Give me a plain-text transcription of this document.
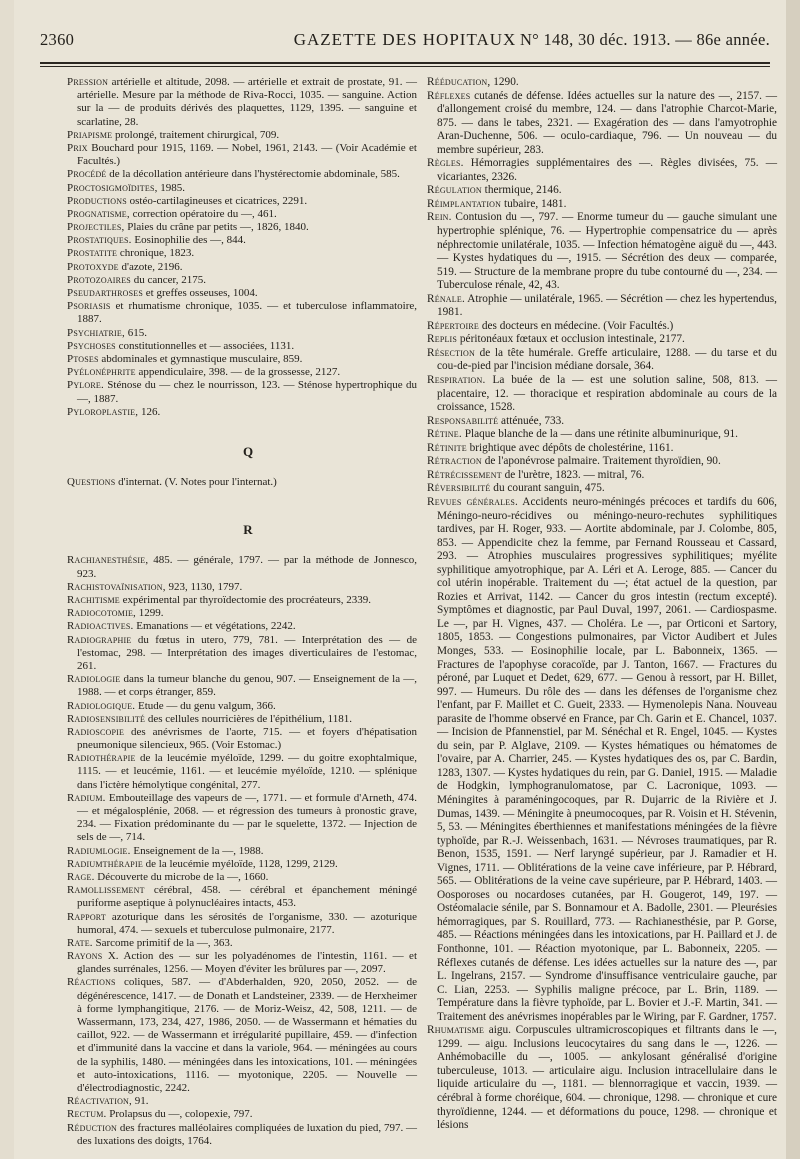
2360	GAZETTE DES HOPITAUX N° 148, 30 déc. 1913. — 86e année.

Pression artérielle et altitude, 2098. — artérielle et extrait de prostate, 91. — artérielle. Mesure par la méthode de Riva-Rocci, 1035. — sanguine. Action sur la — de produits dérivés des plaquettes, 1129, 1395. — sanguine et scarlatine, 28.

Priapisme prolongé, traitement chirurgical, 709.

Prix Bouchard pour 1915, 1169. — Nobel, 1961, 2143. — (Voir Académie et Facultés.)

Procédé de la décollation antérieure dans l'hystérectomie abdominale, 585.

Proctosigmoïdites, 1985.

Productions ostéo-cartilagineuses et cicatrices, 2291.

Prognatisme, correction opératoire du —, 461.

Projectiles, Plaies du crâne par petits —, 1826, 1840.

Prostatiques. Eosinophilie des —, 844.

Prostatite chronique, 1823.

Protoxyde d'azote, 2196.

Protozoaires du cancer, 2175.

Pseudarthroses et greffes osseuses, 1004.

Psoriasis et rhumatisme chronique, 1035. — et tuberculose inflammatoire, 1887.

Psychiatrie, 615.

Psychoses constitutionnelles et — associées, 1131.

Ptoses abdominales et gymnastique musculaire, 859.

Pyélonéphrite appendiculaire, 398. — de la grossesse, 2127.

Pylore. Sténose du — chez le nourrisson, 123. — Sténose hypertrophique du —, 1887.

Pyloroplastie, 126.

Q

Questions d'internat. (V. Notes pour l'internat.)

R

Rachianesthésie, 485. — générale, 1797. — par la méthode de Jonnesco, 923.

Rachistovaïnisation, 923, 1130, 1797.

Rachitisme expérimental par thyroïdectomie des procréateurs, 2339.

Radiocotomie, 1299.

Radioactives. Emanations — et végétations, 2242.

Radiographie du fœtus in utero, 779, 781. — Interprétation des — de l'estomac, 298. — Interprétation des images diverticulaires de l'estomac, 261.

Radiologie dans la tumeur blanche du genou, 907. — Enseignement de la —, 1988. — et corps étranger, 859.

Radiologique. Etude — du genu valgum, 366.

Radiosensibilité des cellules nourricières de l'épithélium, 1181.

Radioscopie des anévrismes de l'aorte, 715. — et foyers d'hépatisation pneumonique silencieux, 965. (Voir Estomac.)

Radiothérapie de la leucémie myéloïde, 1299. — du goitre exophtalmique, 1115. — et leucémie, 1161. — et leucémie myéloïde, 1210. — splénique dans l'ictère hémolytique congénital, 277.

Radium. Embouteillage des vapeurs de —, 1771. — et formule d'Arneth, 474. — et mégalosplénie, 2068. — et régression des tumeurs à pronostic grave, 234. — Fixation prédominante du — par le squelette, 1372. — Injection de sels de —, 714.

Radiumlogie. Enseignement de la —, 1988.

Radiumthérapie de la leucémie myéloïde, 1128, 1299, 2129.

Rage. Découverte du microbe de la —, 1660.

Ramollissement cérébral, 458. — cérébral et épanchement méningé puriforme aseptique à polynucléaires intacts, 453.

Rapport azoturique dans les sérosités de l'organisme, 330. — azoturique humoral, 474. — sexuels et tuberculose pulmonaire, 2177.

Rate. Sarcome primitif de la —, 363.

Rayons X. Action des — sur les polyadénomes de l'intestin, 1161. — et glandes surrénales, 1256. — Moyen d'éviter les brûlures par —, 2097.

Réactions coliques, 587. — d'Abderhalden, 920, 2050, 2052. — de dégénérescence, 1417. — de Donath et Landsteiner, 2339. — de Herxheimer à forme lymphangitique, 2176. — de Moriz-Weisz, 42, 508, 1211. — de Wassermann, 173, 234, 427, 1986, 2050. — de Wassermann et hématies du caillot, 922. — de Wassermann et irrégularité pupillaire, 459. — d'infection et d'immunité dans la vaccine et dans la variole, 964. — méningées au cours de la syphilis, 1480. — méningées dans les intoxications, 101. — méningées et auto-intoxications, 1116. — myotonique, 2205. — Nouvelle — d'électrodiagnostic, 2242.

Réactivation, 91.

Rectum. Prolapsus du —, colopexie, 797.

Réduction des fractures malléolaires compliquées de luxation du pied, 797. — des luxations des doigts, 1764.

Rééducation, 1290.

Réflexes cutanés de défense. Idées actuelles sur la nature des —, 2157. — d'allongement croisé du membre, 124. — dans l'atrophie Charcot-Marie, 875. — dans le tabes, 2321. — Exagération des — dans l'amyotrophie Aran-Duchenne, 506. — oculo-cardiaque, 796. — Un nouveau — du membre supérieur, 283.

Règles. Hémorragies supplémentaires des —. Règles divisées, 75. — vicariantes, 2326.

Régulation thermique, 2146.

Réimplantation tubaire, 1481.

Rein. Contusion du —, 797. — Enorme tumeur du — gauche simulant une hypertrophie splénique, 76. — Hypertrophie compensatrice du — après néphrectomie unilatérale, 1035. — Infection hématogène aiguë du —, 443. — Kystes hydatiques du —, 1915. — Sécrétion des deux — comparée, 519. — Structure de la membrane propre du tube contourné du —, 234. — Tuberculose rénale, 42, 43.

Rénale. Atrophie — unilatérale, 1965. — Sécrétion — chez les hypertendus, 1981.

Répertoire des docteurs en médecine. (Voir Facultés.)

Replis péritonéaux fœtaux et occlusion intestinale, 2177.

Résection de la tête humérale. Greffe articulaire, 1288. — du tarse et du cou-de-pied par l'incision médiane dorsale, 364.

Respiration. La buée de la — est une solution saline, 508, 813. — placentaire, 12. — thoracique et respiration abdominale au cours de la croissance, 1528.

Responsabilité atténuée, 733.

Rétine. Plaque blanche de la — dans une rétinite albuminurique, 91.

Rétinite brightique avec dépôts de cholestérine, 1161.

Rétraction de l'aponévrose palmaire. Traitement thyroïdien, 90.

Rétrécissement de l'urètre, 1823. — mitral, 76.

Réversibilité du courant sanguin, 475.

Revues générales. Accidents neuro-méningés précoces et tardifs du 606, Méningo-neuro-récidives ou méningo-neuro-rechutes syphilitiques tardives, par H. Roger, 933. — Aortite abdominale, par J. Colombe, 805, 853. — Appendicite chez la femme, par Fernand Rousseau et Cassard, 293. — Atrophies musculaires progressives syphilitiques; myélite syphilitique amyotrophique, par A. Léri et A. Leroge, 885. — Cancer du col utérin inopérable. Traitement du —; état actuel de la question, par Rozies et Arrivat, 1142. — Cancer du gros intestin (rectum excepté). Symptômes et diagnostic, par Paul Duval, 1997, 2061. — Cardiospasme. Le —, par H. Vignes, 437. — Choléra. Le —, par Orticoni et Sartory, 1805, 1853. — Congestions pulmonaires, par Victor Audibert et Jules Monges, 533. — Eosinophilie locale, par L. Babonneix, 1365. — Fractures de l'apophyse coracoïde, par J. Tanton, 1667. — Fractures du péroné, par Luquet et Dedet, 629, 677. — Genou à ressort, par H. Billet, 997. — Humeurs. Du rôle des — dans les défenses de l'organisme chez l'enfant, par F. Maillet et C. Gueit, 2333. — Hymenolepis Nana. Nouveau parasite de l'homme observé en France, par Ch. Garin et E. Chancel, 1037. — Incision de Pfannenstiel, par M. Sénéchal et R. Engel, 1045. — Kystes du sein, par P. Alglave, 2109. — Kystes hématiques ou hématomes de l'ovaire, par A. Charrier, 245. — Kystes hydatiques des os, par C. Bardin, 1283, 1307. — Kystes hydatiques du rein, par G. Daniel, 1915. — Maladie de Hodgkin, lymphogranulomatose, par C. Lacronique, 1093. — Méningites à paraméningocoques, par R. Dujarric de la Rivière et J. Dumas, 1439. — Méningite à pneumocoques, par R. Voisin et H. Stévenin, 5, 53. — Méningites éberthiennes et manifestations méningées de la fièvre typhoïde, par R.-J. Weissenbach, 1631. — Névroses traumatiques, par R. Benon, 1535, 1591. — Nerf laryngé supérieur, par J. Ramadier et H. Vignes, 1711. — Oblitérations de la veine cave inférieure, par P. Hébrard, 565. — Oblitérations de la veine cave supérieure, par P. Hébrard, 1403. — Oosporoses ou nocardoses cutanées, par H. Gougerot, 149, 197. — Ostéomalacie sénile, par S. Bonnamour et A. Badolle, 2301. — Pleurésies hémorragiques, par S. Rouillard, 773. — Rachianesthésie, par P. Gorse, 485. — Réactions méningées dans les intoxications, par H. Paillard et J. de Fonthonne, 101. — Réaction myotonique, par L. Babonneix, 2205. — Réflexes cutanés de défense. Les idées actuelles sur la nature des —, par L. Ingelrans, 2157. — Syndrome d'insuffisance ventriculaire gauche, par C. Lian, 2253. — Syphilis maligne précoce, par L. Brin, 1189. — Température dans la fièvre typhoïde, par L. Bovier et J.-F. Martin, 341. — Traitement des anévrismes inopérables par le Wiring, par F. Gardner, 1757.

Rhumatisme aigu. Corpuscules ultramicroscopiques et filtrants dans le —, 1299. — aigu. Inclusions leucocytaires du sang dans le —, 1226. — Anhémobacille du —, 1005. — ankylosant généralisé d'origine tuberculeuse, 1013. — articulaire aigu. Inclusion intracellulaire dans le liquide articulaire du —, 1181. — blennorragique et vaccin, 1939. — cérébral à forme choréique, 604. — chronique, 1298. — chronique et cure thyroïdienne, 1244. — et déformations du pouce, 1298. — chronique et lésions
